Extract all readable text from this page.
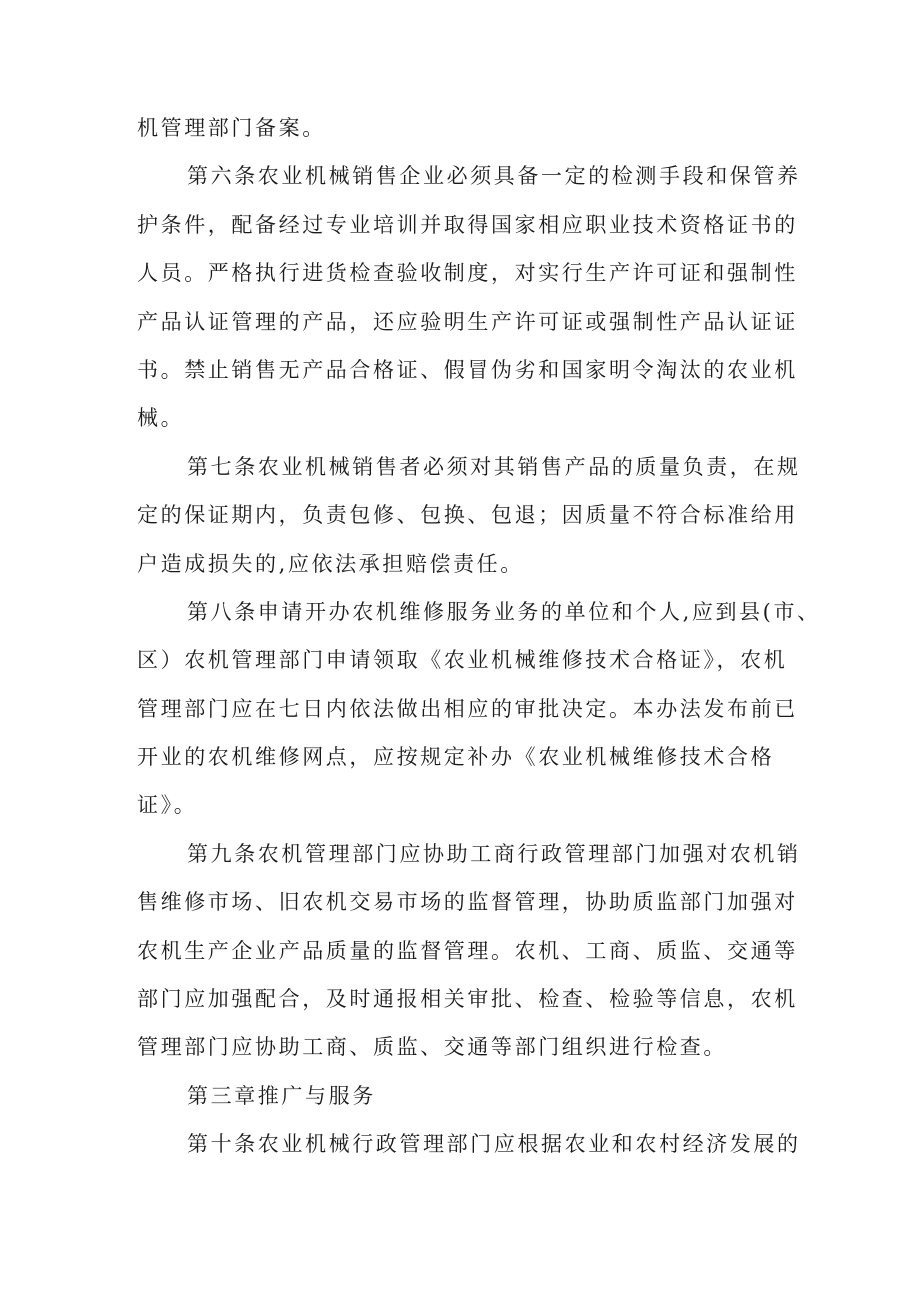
机管理部门备案。
第六条农业机械销售企业必须具备一定的检测手段和保管养
护条件，配备经过专业培训并取得国家相应职业技术资格证书的
人员。严格执行进货检查验收制度，对实行生产许可证和强制性
产品认证管理的产品，还应验明生产许可证或强制性产品认证证
书。禁止销售无产品合格证、假冒伪劣和国家明令淘汰的农业机
械。
第七条农业机械销售者必须对其销售产品的质量负责，在规
定的保证期内，负责包修、包换、包退；因质量不符合标准给用
户造成损失的,应依法承担赔偿责任。
第八条申请开办农机维修服务业务的单位和个人,应到县(市、
区）农机管理部门申请领取《农业机械维修技术合格证》，农机
管理部门应在七日内依法做出相应的审批决定。本办法发布前已
开业的农机维修网点，应按规定补办《农业机械维修技术合格
证》。
第九条农机管理部门应协助工商行政管理部门加强对农机销
售维修市场、旧农机交易市场的监督管理，协助质监部门加强对
农机生产企业产品质量的监督管理。农机、工商、质监、交通等
部门应加强配合，及时通报相关审批、检查、检验等信息，农机
管理部门应协助工商、质监、交通等部门组织进行检查。
第三章推广与服务
第十条农业机械行政管理部门应根据农业和农村经济发展的
